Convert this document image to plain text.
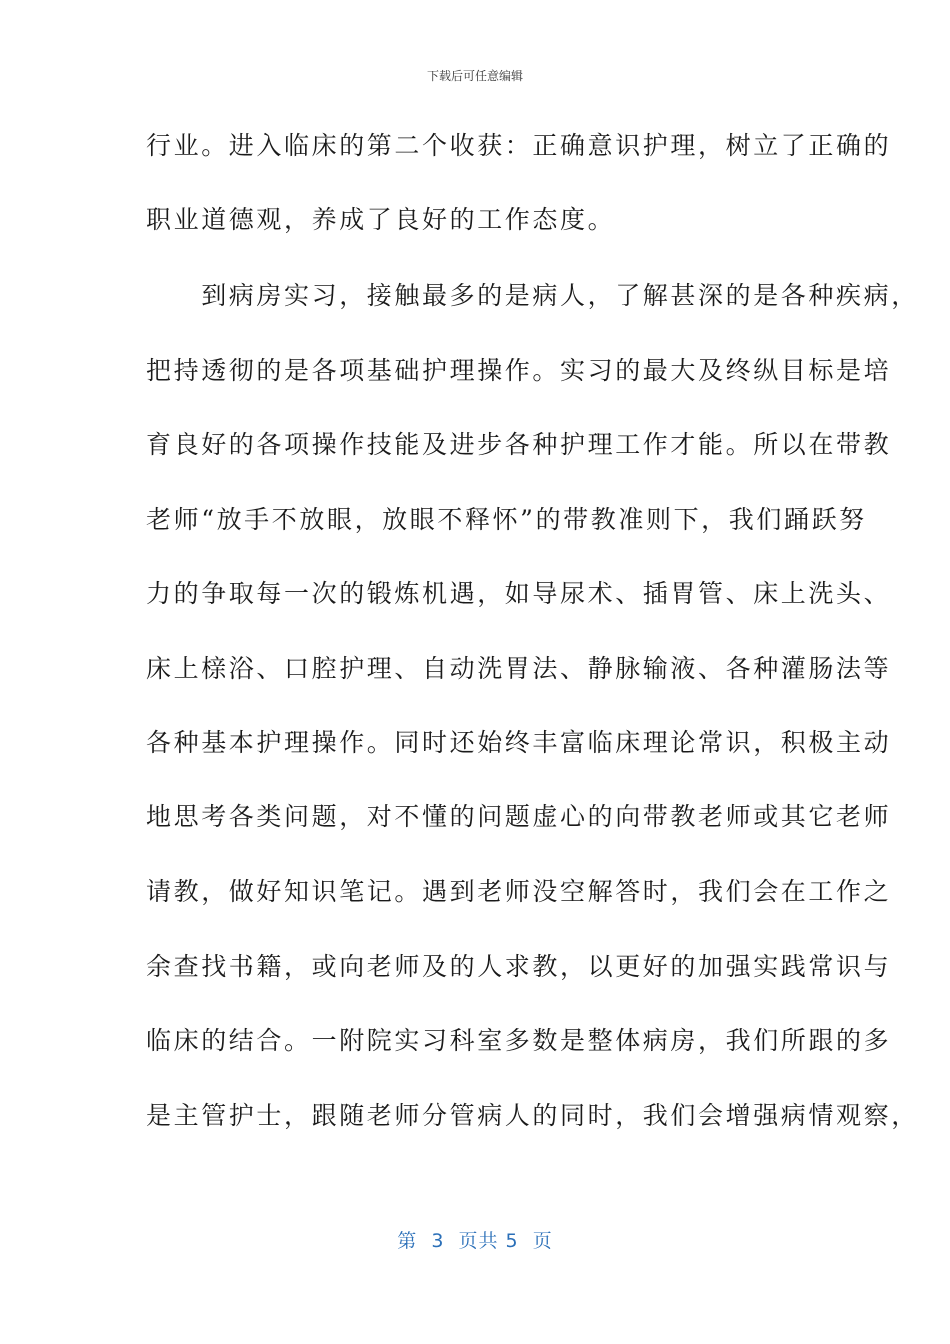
下载后可任意编辑
行业。进入临床的第二个收获：正确意识护理，树立了正确的
职业道德观，养成了良好的工作态度。
　　到病房实习，接触最多的是病人，了解甚深的是各种疾病，
把持透彻的是各项基础护理操作。实习的最大及终纵目标是培
育良好的各项操作技能及进步各种护理工作才能。所以在带教
老师“放手不放眼，放眼不释怀”的带教准则下，我们踊跃努
力的争取每一次的锻炼机遇，如导尿术、插胃管、床上洗头、
床上榇浴、口腔护理、自动洗胃法、静脉输液、各种灌肠法等
各种基本护理操作。同时还始终丰富临床理论常识，积极主动
地思考各类问题，对不懂的问题虚心的向带教老师或其它老师
请教，做好知识笔记。遇到老师没空解答时，我们会在工作之
余查找书籍，或向老师及的人求教，以更好的加强实践常识与
临床的结合。一附院实习科室多数是整体病房，我们所跟的多
是主管护士，跟随老师分管病人的同时，我们会增强病情观察，
第  3  页共 5  页
